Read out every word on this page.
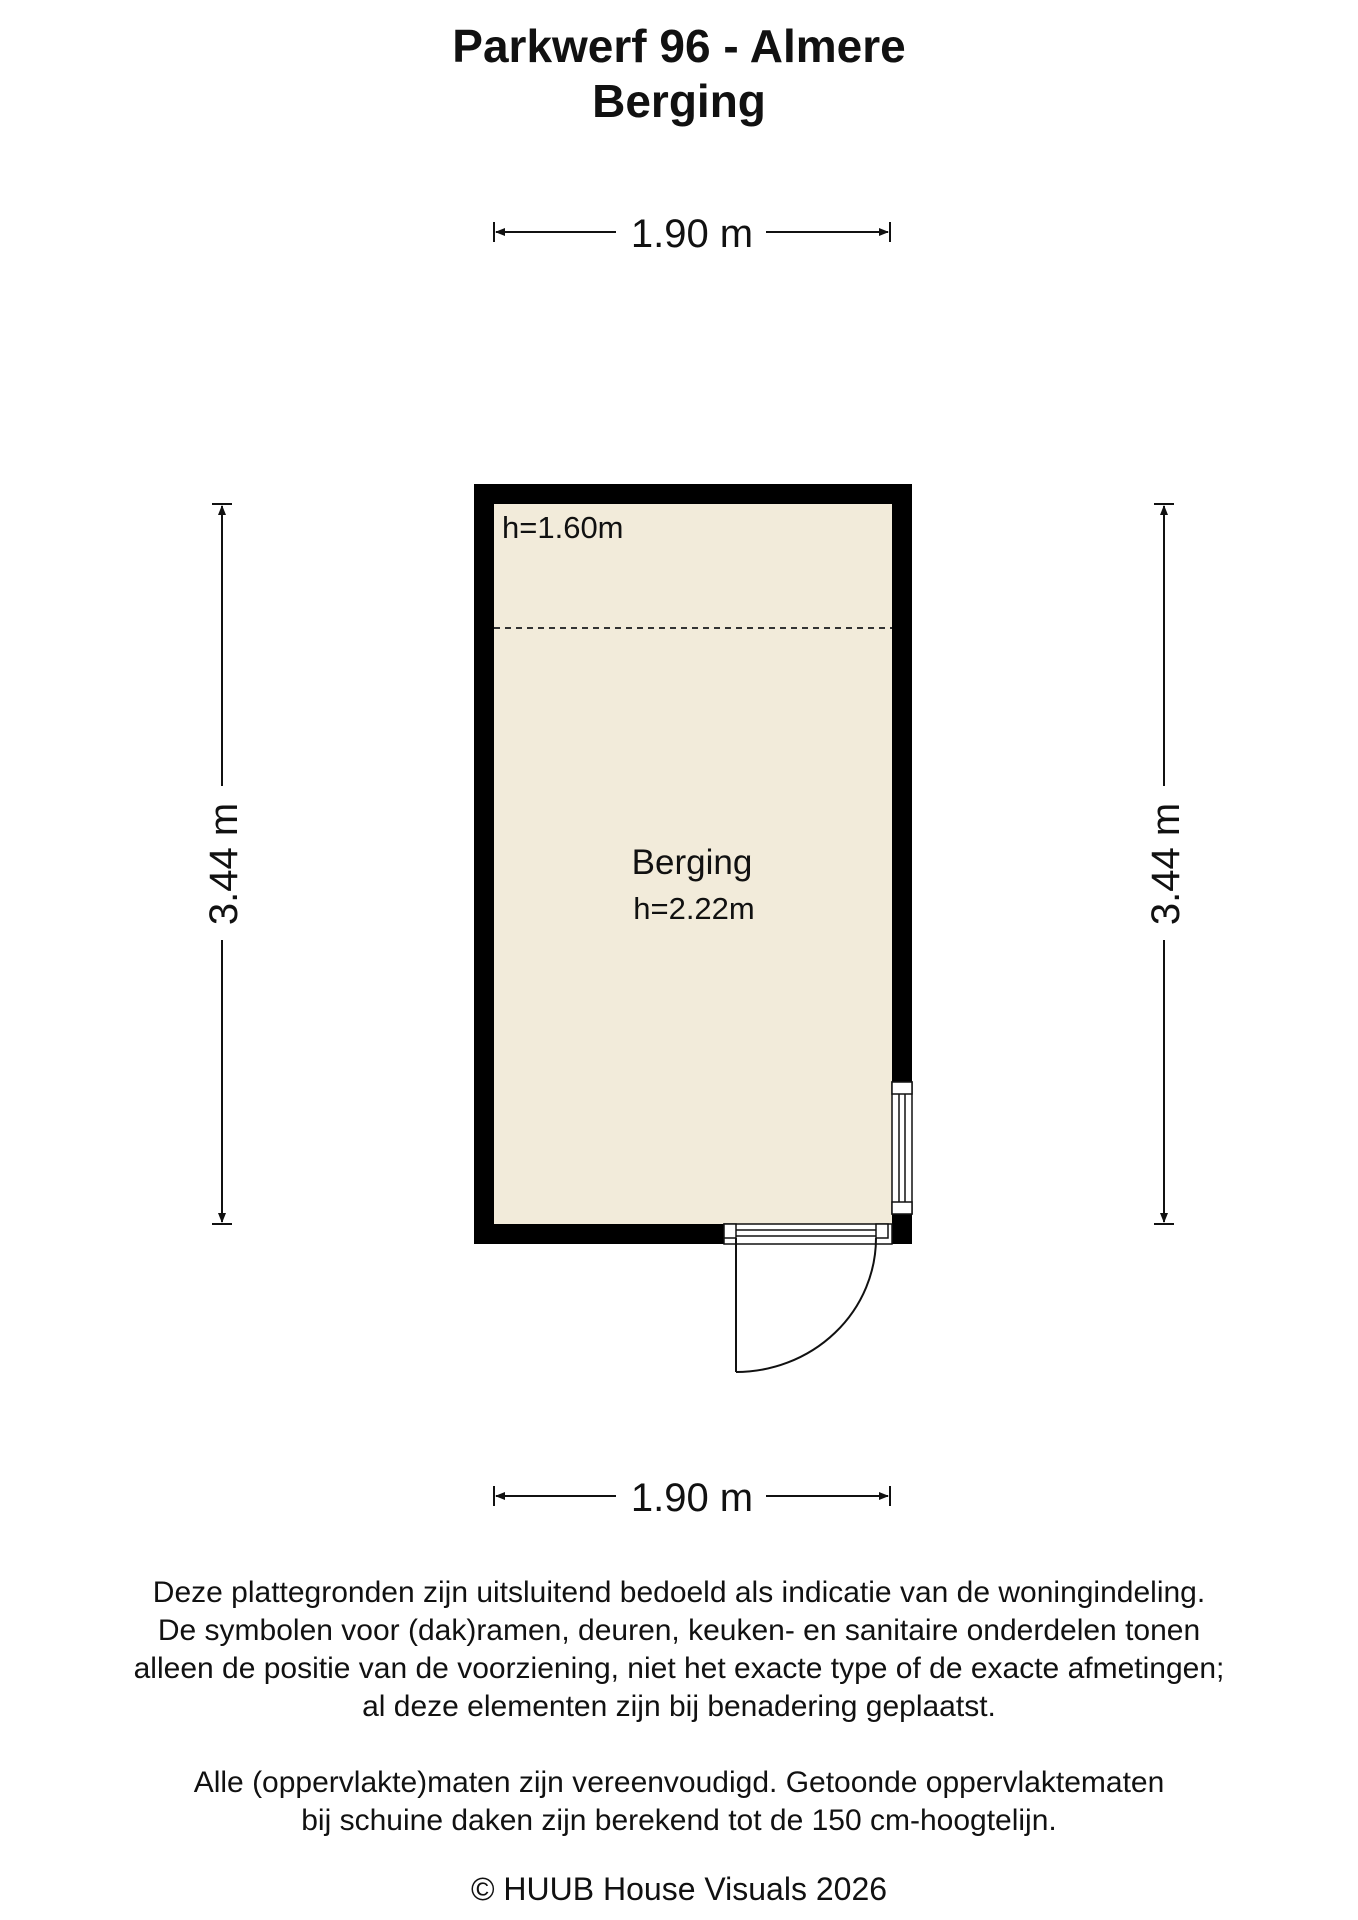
Parkwerf 96 - Almere
Berging
1.90 m
1.90 m
3.44 m	3.44 m
h=1.60m
Berging
h=2.22m
Deze plattegronden zijn uitsluitend bedoeld als indicatie van de woningindeling.
De symbolen voor (dak)ramen, deuren, keuken- en sanitaire onderdelen tonen
alleen de positie van de voorziening, niet het exacte type of de exacte afmetingen;
al deze elementen zijn bij benadering geplaatst.
Alle (oppervlakte)maten zijn vereenvoudigd. Getoonde oppervlaktematen
bij schuine daken zijn berekend tot de 150 cm-hoogtelijn.
© HUUB House Visuals 2026
